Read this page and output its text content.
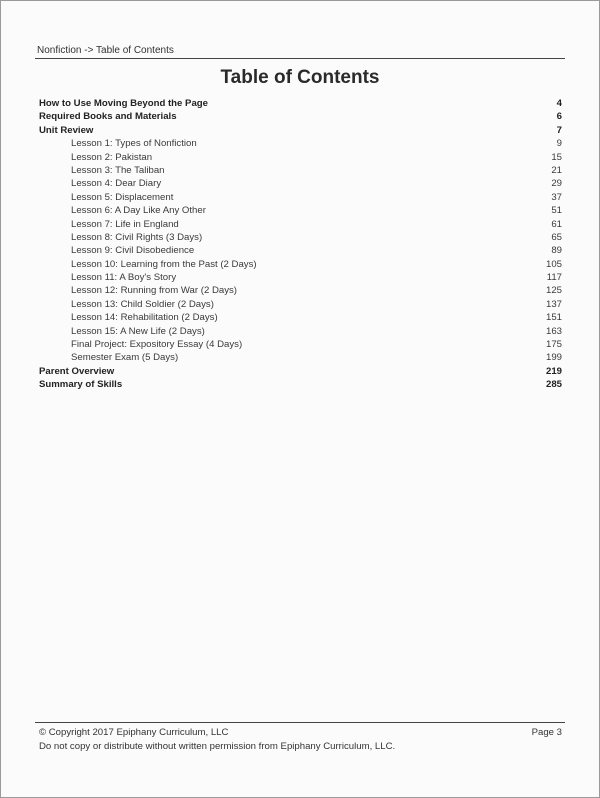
Nonfiction -> Table of Contents
Table of Contents
How to Use Moving Beyond the Page	4
Required Books and Materials	6
Unit Review	7
Lesson 1: Types of Nonfiction	9
Lesson 2: Pakistan	15
Lesson 3: The Taliban	21
Lesson 4: Dear Diary	29
Lesson 5: Displacement	37
Lesson 6: A Day Like Any Other	51
Lesson 7: Life in England	61
Lesson 8: Civil Rights (3 Days)	65
Lesson 9: Civil Disobedience	89
Lesson 10: Learning from the Past (2 Days)	105
Lesson 11: A Boy's Story	117
Lesson 12: Running from War (2 Days)	125
Lesson 13: Child Soldier (2 Days)	137
Lesson 14: Rehabilitation (2 Days)	151
Lesson 15: A New Life (2 Days)	163
Final Project: Expository Essay (4 Days)	175
Semester Exam (5 Days)	199
Parent Overview	219
Summary of Skills	285
© Copyright 2017 Epiphany Curriculum, LLC
Do not copy or distribute without written permission from Epiphany Curriculum, LLC.
Page 3
